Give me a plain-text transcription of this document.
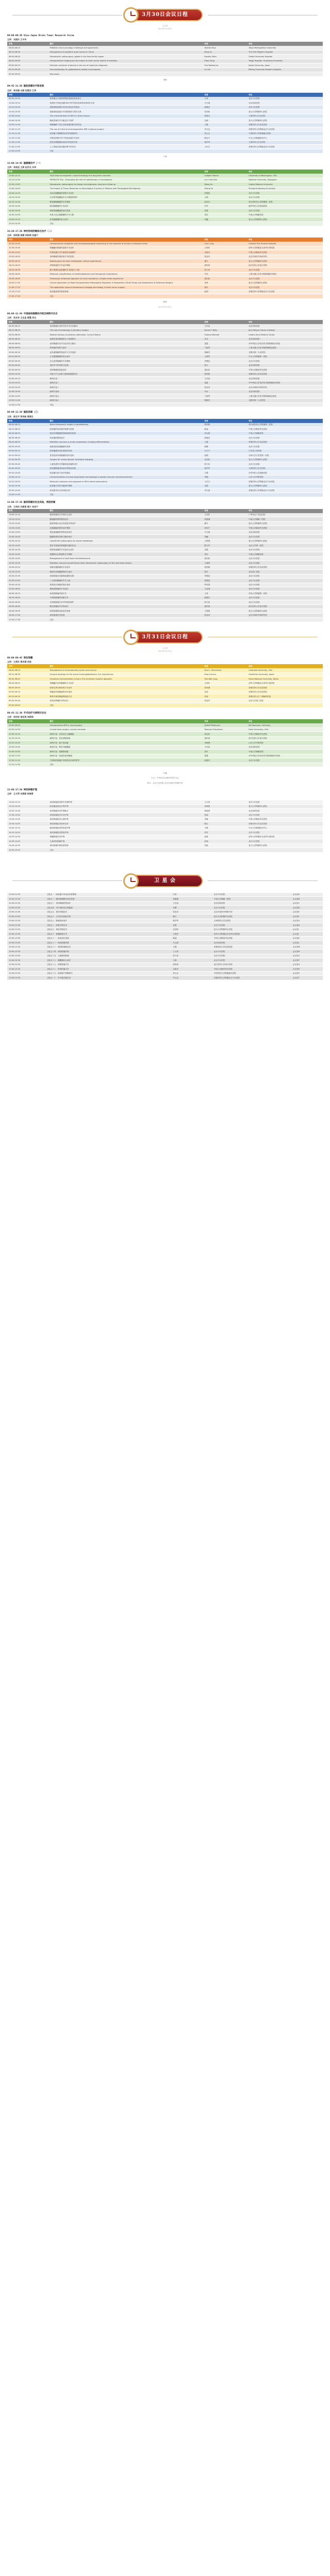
3月30日会议日程
主会场
2013年3月30日
08:00-08:30 Sino-Japan Brain Tumor Research Forum
主持：刘国庆 王中华
时间	题目	讲者	单位
08:00-08:15	Pediatric neuro-oncology: challenge and opportunity	Yoshiko Tsuji	Tokyo Metropolitan University
08:15-08:30	Management of pediatric brain tumors in China	Ming Xu	The First People's Hospital
08:30-08:45	Stereotactic radiosurgery update in the Asia-Pacific region	Kanako Saito	Osaka University Hospital
08:45-09:00	Intraoperative imaging and its impact on brain tumor extent of resection	Shao Gang	Tongji Hospital, Huazhong University
09:00-09:15	Precision medicine of glioma in the era of molecular diagnosis	Yuki Nakamura	Kyoto University, Japan
09:15-09:30	Immunotherapy for glioblastoma: pitfalls and progress	Liu Lei	Peking University People's Hospital
09:30-09:45	Discussion		
茶歇
09:45-11:30 脑胶质瘤诊疗新进展
主持：周良辅 毛颖 赵继宗 江涛
时间	题目	讲者	单位
09:45-10:00	胶质瘤分子病理诊断新进展及临床意义	江涛	北京天坛医院
10:00-10:10	弥漫性中线胶质瘤H3K27M突变的临床特征和预后分析	马文斌	北京协和医院
10:10-10:20	高级别胶质瘤术后同步放化疗的规范	邱晓光	北京天坛医院
10:20-10:30	低级别胶质瘤手术切除程度与预后关系	吴劲松	复旦大学附属华山医院
10:30-10:40	The characteristics of IDH1 in brain tumors	康春生	天津医科大学总医院
10:40-10:50	脑胶质瘤术中功能定位与保护	毛颖	复旦大学附属华山医院
10:50-11:00	唤醒麻醉下语言区胶质瘤切除术的经验	王磊	首都医科大学宣武医院
11:00-11:10	The use of 5-ALA and intraoperative MRI in glioma surgery	李文良	首都医科大学附属北京天坛医院
11:10-11:20	胶质瘤干细胞靶向治疗的基础研究	刘云会	中国医科大学附属盛京医院
11:20-11:30	多模态影像引导下的胶质瘤手术治疗	陈忠平	中山大学肿瘤防治中心
11:30-11:40	胶质母细胞瘤电场治疗的临床应用	杨学军	天津医科大学总医院
11:40-11:50	人工智能在胶质瘤诊断中的应用	王引言	首都医科大学附属北京天坛医院
11:50-12:00	讨论		
午餐
13:00-14:45 脑膜瘤诊疗（一）
主持：张俊廷 王硕 赵世光 冯华
时间	题目	讲者	单位
13:00-13:15	Skull base meningioma: surgical strategy and long-term outcome	Laligam Sekhar	University of Washington, USA
13:15-13:30	PROMOTE Trial - Evaluating the role of radiotherapy in meningioma	Lim Chee Kee	National University, Singapore
13:30-13:45	Stereotactic radiosurgery for benign meningiomas: long term follow up	Wang Hu	Capital Medical University
13:45-14:00	The Impact of Tumor Resection on Neurological Function in Patients with Parasagittal Meningioma	Zhang Yu	Shanghai Jiaotong University
14:00-14:10	岩斜区脑膜瘤的显微手术治疗	张俊廷	北京天坛医院
14:10-14:20	矢状窦旁脑膜瘤手术中静脉的保护	王硕	北京天坛医院
14:20-14:30	蝶骨嵴脑膜瘤的手术策略	赵世光	哈尔滨医科大学附属第一医院
14:30-14:40	嗅沟脑膜瘤的手术治疗	冯华	陆军军医大学西南医院
14:40-14:50	海绵窦脑膜瘤的治疗选择	吴震	北京天坛医院
14:50-15:00	枕骨大孔区脑膜瘤的手术入路	刘庆	中南大学湘雅医院
15:00-15:10	复发脑膜瘤的综合治疗	朱巍	复旦大学附属华山医院
15:10-15:20	讨论		
15:20-17:30 神经系统肿瘤综合治疗（二）
主持：杨树源 游潮 李新钢 张建宁
时间	题目	讲者	单位
15:20-15:35	Intraoperative navigation and neurophysiological monitoring in the resection of tumors in eloquent areas	Chen Ling	Chinese PLA General Hospital
15:35-15:45	脊髓髓内肿瘤的显微手术治疗	王贵怀	清华大学附属北京清华长庚医院
15:45-15:55	听神经瘤手术中面神经功能保护	余新光	中国人民解放军总医院
15:55-16:05	垂体腺瘤内镜经鼻手术的进展	张亚卓	北京市神经外科研究所
16:05-16:15	Radiosurgery for brain metastases: clinical experiences	潘力	复旦大学附属华山医院
16:15-16:25	颅咽管瘤的手术治疗策略	漆松涛	南方医科大学南方医院
16:25-16:35	脑干海绵状血管瘤的手术指征与入路	张力伟	北京天坛医院
16:35-16:45	Molecular classification of medulloblastoma and therapeutic implications	马杰	上海交通大学医学院附属新华医院
16:45-16:55	Endoscopic endonasal approach to clival chordoma: a single center experience	桂松柏	北京天坛医院
16:55-17:05	Clinical Application of Rapid Intraoperative Pathological Diagnosis: A Prospective Cohort Study and Assessment of Detection Margins	宋琦	复旦大学附属华山医院
17:05-17:15	The application value of fluorescence imaging technology in brain tumor surgery	林东	北京天坛医院
17:15-17:25	胶质瘤患者的康复管理	赵明	首都医科大学附属北京天坛医院
17:25-17:30	讨论		
晚餐
2013年3月30日
08:00-11:30 中国垂体腺瘤协作组及病例讨论会
主持：张亚卓 王任直 雷霆 幸兵
时间	题目	讲者	单位
08:00-08:15	垂体腺瘤诊治的中国专家共识解读	王任直	北京协和医院
08:15-08:25	The role of endoscopy in pituitary surgery	Daniel F. Kelly	John Wayne Cancer Institute
08:25-08:35	Medical therapy of pituitary adenomas: Current Status	Shlomo Melmed	Cedars-Sinai Medical Center
08:35-08:45	侵袭性垂体腺瘤的分子机制研究	幸兵	北京协和医院
08:45-08:55	垂体腺瘤术后内分泌评估与随访	雷霆	华中科技大学同济医学院附属同济医院
08:55-09:05	库欣病的诊断与治疗	卞留贯	上海交通大学医学院附属瑞金医院
09:05-09:15	泌乳素腺瘤药物治疗与手术选择	鲁晓杰	无锡市第二人民医院
09:15-09:25	生长激素腺瘤的综合治疗	王海军	中山大学附属第一医院
09:25-09:35	巨大垂体腺瘤的手术策略	李储忠	北京天坛医院
09:35-09:45	垂体卒中的诊断与处理	杨义	北京协和医院
09:45-09:55	垂体腺瘤的放射治疗	周定标	中国人民解放军总医院
09:55-10:05	内镜下扩大经鼻入路颅底重建技术	张秋航	首都医科大学宣武医院
10:05-10:15	病例讨论一	王任直	北京协和医院
10:15-10:25	病例讨论二	雷霆	华中科技大学同济医学院附属同济医院
10:25-10:35	病例讨论三	张亚卓	北京市神经外科研究所
10:35-10:45	病例讨论四	幸兵	北京协和医院
10:45-10:55	病例讨论五	卞留贯	上海交通大学医学院附属瑞金医院
10:55-11:05	病例讨论六	鲁晓杰	无锡市第二人民医院
11:05-11:30	讨论		
08:00-11:30 脑胶质瘤（三）
主持：陈忠平 蒋传路 康春生
时间	题目	讲者	单位
08:00-08:15	Novel therapeutic targets in glioblastoma	蒋传路	哈尔滨医科大学附属第二医院
08:15-08:25	胶质瘤的免疫微环境研究进展	陈凌	中国人民解放军总医院
08:25-08:35	胶质母细胞瘤替莫唑胺耐药机制	刘志雄	中南大学湘雅医院
08:35-08:45	胶质瘤的精准放疗	邱晓光	北京天坛医院
08:45-08:55	Radiation necrosis vs tumor progression: imaging differentiation	王磊	首都医科大学宣武医院
08:55-09:05	低级别胶质瘤癫痫的管理	游赣	北京天坛医院
09:05-09:15	胶质瘤液体活检的临床价值	尤永平	江苏省人民医院
09:15-09:25	复发胶质母细胞瘤的治疗选择	赵刚	吉林大学白求恩第一医院
09:25-09:35	Surgery for insular glioma: functional mapping	吴劲松	复旦大学附属华山医院
09:35-09:45	儿童弥漫内生型脑桥胶质瘤的治疗	张力伟	北京天坛医院
09:45-09:55	胶质瘤肿瘤电场治疗的临床实践	杨学军	天津医科大学总医院
09:55-10:05	胶质瘤CAR-T治疗的探索	王樑	空军军医大学唐都医院
10:05-10:15	Characterization of tumor-associated macrophages in glioma immune microenvironment	李刚	山东大学齐鲁医院
10:15-10:25	Molecular subtypes and prognosis in IDH-mutant astrocytoma	王引言	首都医科大学附属北京天坛医院
10:25-10:35	胶质瘤手术的功能保护策略	毛颖	复旦大学附属华山医院
10:35-10:45	胶质瘤术后认知功能评估	李文斌	首都医科大学附属北京天坛医院
10:45-11:30	讨论		
13:00-17:30 脑转移瘤诊治及其他，颅底肿瘤
主持：王伟民 刘窗溪 潘力 张剑宁
时间	题目	讲者	单位
13:00-13:15	脑转移瘤的多学科综合治疗	王伟民	广州军区广州总医院
13:15-13:25	肺癌脑转移的靶向治疗	刘窗溪	中南大学湘雅二医院
13:25-13:35	脑转移瘤立体定向放射外科治疗	潘力	复旦大学附属华山医院
13:35-13:45	乳腺癌脑转移的治疗策略	张剑宁	中国人民解放军总医院
13:45-13:55	黑色素瘤脑转移的免疫治疗	马文斌	北京协和医院
13:55-14:05	脑膜转移的诊断与鞘内治疗	刘巍	北京天坛医院
14:05-14:15	CyberKnife radiosurgery for spinal metastases	王恩敏	复旦大学附属华山医院
14:15-14:25	原发中枢神经系统淋巴瘤的诊治	陈文华	北京大学第一医院
14:25-14:35	颅底脊索瘤的手术及综合治疗	吴震	北京天坛医院
14:35-14:45	颈静脉孔区肿瘤的手术策略	刘庆	中南大学湘雅医院
14:45-14:55	Management of skull base chondrosarcoma	桂松柏	北京天坛医院
14:55-15:05	Radiation induced complications after stereotactic radiosurgery of the skull base lesions	王嘉炜	北京天坛医院
15:05-15:15	颅眶沟通肿瘤的手术治疗	张秋航	首都医科大学宣武医院
15:15-15:25	嗅神经母细胞瘤的综合治疗	郭宏	北京同仁医院
15:25-15:35	颅底肿瘤术后脑脊液漏的处理	李储忠	北京天坛医院
15:35-15:45	三叉神经鞘瘤的手术入路	张俊廷	北京天坛医院
15:45-15:55	松果体区肿瘤的治疗选择	罗世祺	北京天坛医院
15:55-16:05	侧颅底肿瘤的手术治疗	王忠诚	北京天坛医院
16:05-16:15	前颅底肿瘤内镜手术	王清	苏州大学附属第一医院
16:15-16:25	中颅底肿瘤的显微手术	赵继宗	北京天坛医院
16:25-16:35	后颅窝肿瘤手术中的神经保护	张力伟	北京天坛医院
16:35-16:45	鞍区肿瘤的多学科治疗	漆松涛	南方医科大学南方医院
16:45-16:55	颅底肿瘤的放射治疗进展	王恩敏	复旦大学附属华山医院
16:55-17:05	颅底重建技术进展	张亚卓	北京市神经外科研究所
17:05-17:30	讨论		
3月31日会议日程
主会场
2013年3月31日
08:00-09:45 脊柱脊髓
主持：王贵怀 菅凤增 吴浩
时间	题目	讲者	单位
08:00-08:15	Management of intramedullary spinal cord tumors	Paul C. McCormick	Columbia University, USA
08:15-08:30	Surgical strategy for the spinal hemangioblastoma: Our experiences	Kaoru Kurisu	Hiroshima University, Japan
08:30-08:45	Intradural extramedullary tumors: the minimally invasive approach	Hee-Won Jung	Seoul National University, Korea
08:45-08:55	脊髓髓内室管膜瘤的手术治疗	王贵怀	清华大学附属北京清华长庚医院
08:55-09:05	颅颈交界区畸形的手术治疗	菅凤增	首都医科大学宣武医院
09:05-09:15	脊髓星形细胞瘤的治疗选择	吴浩	首都医科大学宣武医院
09:15-09:25	椎管内神经鞘瘤的微创手术	范涛	首都医科大学三博脑科医院
09:25-09:35	脊柱转移瘤的外科治疗	刘忠军	北京大学第三医院
09:35-09:45	讨论		
09:45-11:30 手术治疗与病例讨论会
主持：周定标 漆松涛 李新钢
时间	题目	讲者	单位
09:45-09:55	Intraoperative MRI in neurosurgery	Rudolf Fahlbusch	INI Hannover, Germany
09:55-10:05	Cranial base surgery: current concepts	Takanori Fukushima	Duke University, USA
10:05-10:15	病例讨论：岩斜区巨大脑膜瘤	周定标	中国人民解放军总医院
10:15-10:25	病例讨论：复发颅咽管瘤	漆松涛	南方医科大学南方医院
10:25-10:35	病例讨论：脑干胶质瘤	李新钢	山东大学齐鲁医院
10:35-10:45	病例讨论：鞍结节脑膜瘤	王任直	北京协和医院
10:45-10:55	病例讨论：颈静脉球瘤	刘庆	中南大学湘雅医院
10:55-11:05	病例讨论：侵袭性垂体腺瘤	雷霆	华中科技大学同济医学院附属同济医院
11:05-11:15	中国神经肿瘤手术规范化培训的思考	赵继宗	北京天坛医院
11:15-11:30	讨论		
午餐
主办：中华医学会神经外科学分会
承办：北京天坛医院 北京市神经外科研究所
13:00-17:30 神经肿瘤护理
主持：王文荣 刘海燕 杨瑞青
时间	题目	讲者	单位
13:00-13:15	神经肿瘤患者围手术期护理	王文荣	北京天坛医院
13:15-13:25	胶质瘤患者化疗的护理	刘海燕	复旦大学附属华山医院
13:25-13:35	垂体腺瘤术后护理要点	杨瑞青	北京协和医院
13:35-13:45	颅底肿瘤患者术后护理	张丽	北京天坛医院
13:45-13:55	神经肿瘤患者心理护理	李娜	中国人民解放军总医院
13:55-14:05	神经肿瘤患者营养支持	陈红	首都医科大学宣武医院
14:05-14:15	脑转移瘤患者的姑息护理	王静	中山大学肿瘤防治中心
14:15-14:25	神经肿瘤患者康复护理	刘芳	北京天坛医院
14:25-14:35	脊髓肿瘤术后护理	赵敏	清华大学附属北京清华长庚医院
14:35-14:45	儿童神经肿瘤护理	孙丽	北京天坛医院
14:45-14:55	神经肿瘤护理质量管理	吴艳	复旦大学附属华山医院
14:55-15:05	讨论		
卫 星 会
12:00-12:30	卫星会一：胶质瘤个体化治疗新策略	江涛	北京天坛医院	会议室A
12:00-12:30	卫星会二：脑转移瘤靶向治疗进展	刘窗溪	中南大学湘雅二医院	会议室B
12:00-12:30	卫星会三：垂体腺瘤药物治疗	王任直	北京协和医院	会议室C
12:00-12:30	卫星会四：术中神经电生理监测	乔慧	北京天坛医院	会议室D
12:00-12:30	卫星会五：神经内镜技术	张亚卓	北京市神经外科研究所	会议室E
12:00-12:30	卫星会六：立体定向放射外科	潘力	复旦大学附属华山医院	会议室F
12:00-12:30	卫星会七：肿瘤电场治疗	杨学军	天津医科大学总医院	会议室G
12:00-12:30	卫星会八：颅底外科技术	吴震	北京天坛医院	会议室H
12:00-12:30	卫星会九：神经导航技术	吴劲松	复旦大学附属华山医院	会议室I
12:00-12:30	卫星会十：脊髓肿瘤手术	王贵怀	清华大学附属北京清华长庚医院	会议室J
12:00-12:30	卫星会十一：免疫治疗进展	陈凌	中国人民解放军总医院	会议室K
12:00-12:30	卫星会十二：神经病理诊断	马文斌	北京协和医院	会议室L
12:00-12:30	卫星会十三：神经影像新技术	王磊	首都医科大学宣武医院	会议室M
12:00-12:30	卫星会十四：神经肿瘤护理	王文荣	北京天坛医院	会议室N
12:00-12:30	卫星会十五：儿童神经肿瘤	张力伟	北京天坛医院	会议室O
12:00-12:30	卫星会十六：脑膜瘤综合治疗	王硕	北京天坛医院	会议室P
12:00-12:30	卫星会十七：颅咽管瘤手术	漆松涛	南方医科大学南方医院	会议室Q
12:00-12:30	卫星会十八：听神经瘤手术	余新光	中国人民解放军总医院	会议室R
12:00-12:30	卫星会十九：胶质瘤干细胞研究	刘云会	中国医科大学附属盛京医院	会议室S
12:00-12:30	卫星会二十：术中磁共振应用	李文良	首都医科大学附属北京天坛医院	会议室T
